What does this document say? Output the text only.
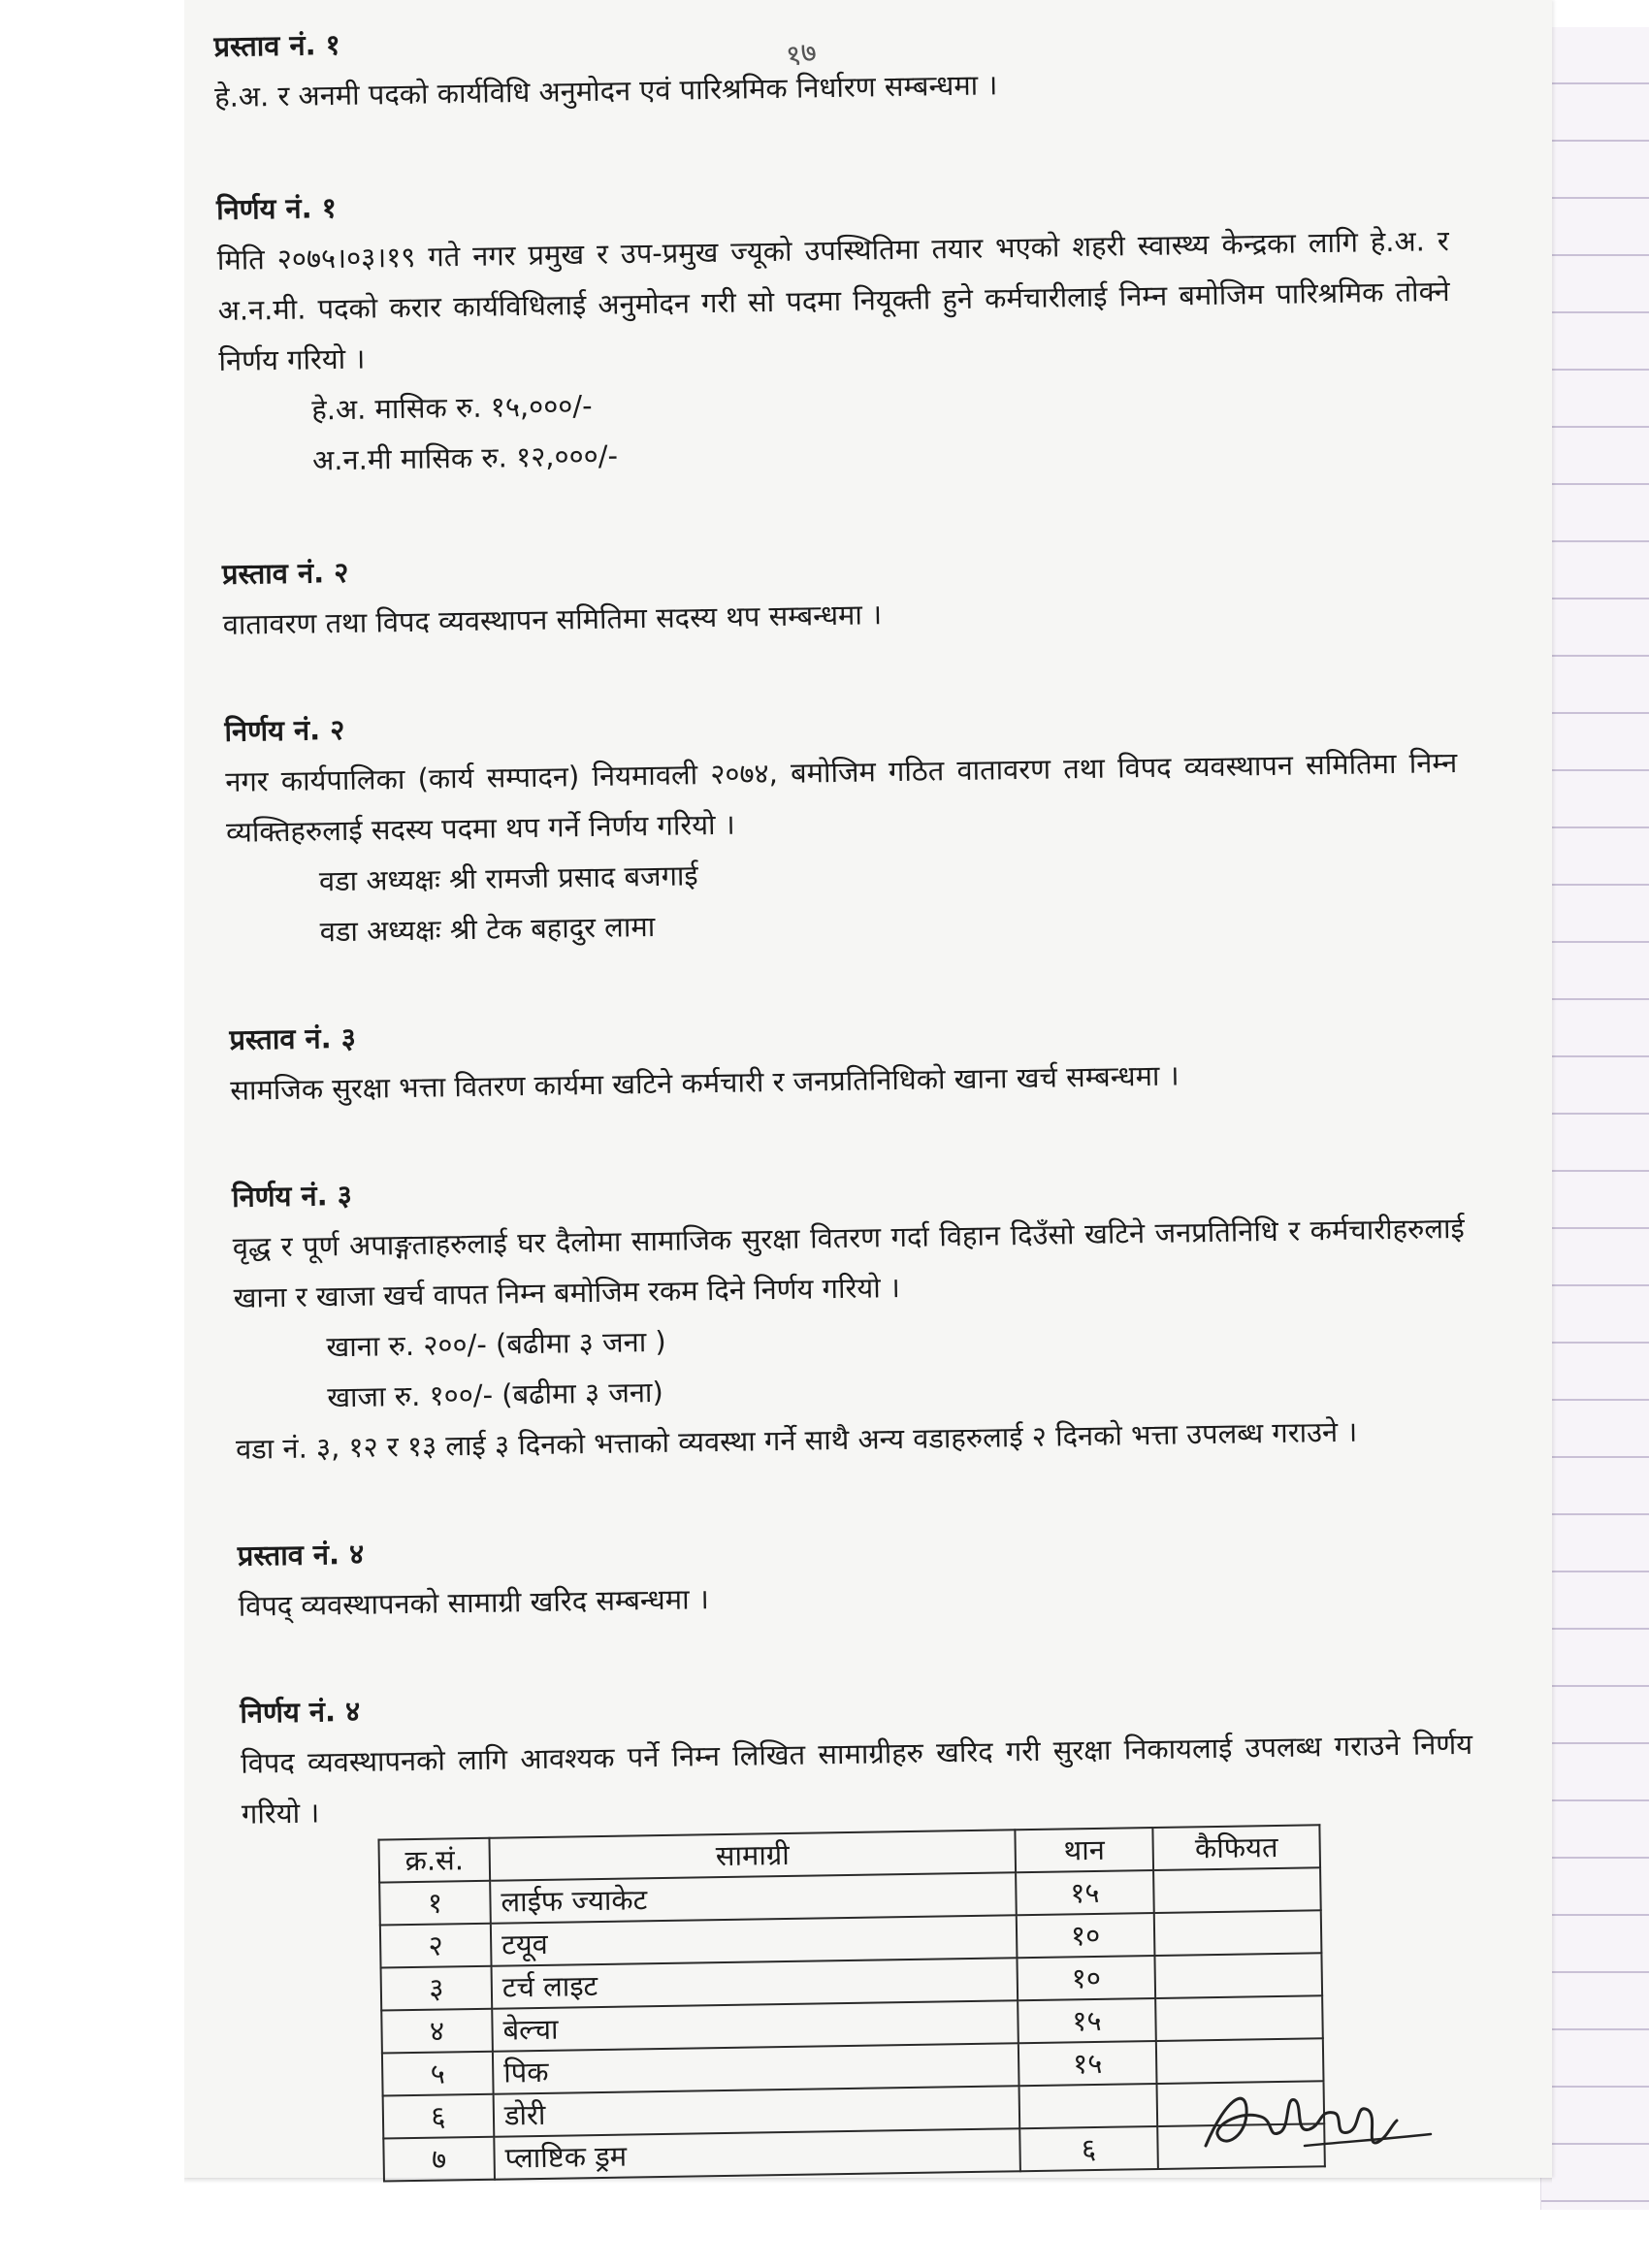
१७

प्रस्ताव नं. १

हे.अ. र अनमी पदको कार्यविधि अनुमोदन एवं पारिश्रमिक निर्धारण सम्बन्धमा ।

निर्णय नं. १

मिति २०७५।०३।१९ गते नगर प्रमुख र उप-प्रमुख ज्यूको उपस्थितिमा तयार भएको शहरी स्वास्थ्य केन्द्रका लागि हे.अ. र अ.न.मी. पदको करार कार्यविधिलाई अनुमोदन गरी सो पदमा नियूक्ती हुने कर्मचारीलाई निम्न बमोजिम पारिश्रमिक तोक्ने निर्णय गरियो ।

हे.अ. मासिक रु. १५,०००/-

अ.न.मी मासिक रु. १२,०००/-

प्रस्ताव नं. २

वातावरण तथा विपद व्यवस्थापन समितिमा सदस्य थप सम्बन्धमा ।

निर्णय नं. २

नगर कार्यपालिका (कार्य सम्पादन) नियमावली २०७४, बमोजिम गठित वातावरण तथा विपद व्यवस्थापन समितिमा निम्न व्यक्तिहरुलाई सदस्य पदमा थप गर्ने निर्णय गरियो ।

वडा अध्यक्षः श्री रामजी प्रसाद बजगाई

वडा अध्यक्षः श्री टेक बहादुर लामा

प्रस्ताव नं. ३

सामजिक सुरक्षा भत्ता वितरण कार्यमा खटिने कर्मचारी र जनप्रतिनिधिको खाना खर्च सम्बन्धमा ।

निर्णय नं. ३

वृद्ध र पूर्ण अपाङ्गताहरुलाई घर दैलोमा सामाजिक सुरक्षा वितरण गर्दा विहान दिउँसो खटिने जनप्रतिनिधि र कर्मचारीहरुलाई खाना र खाजा खर्च वापत निम्न बमोजिम रकम दिने निर्णय गरियो ।

खाना रु. २००/- (बढीमा ३ जना )

खाजा रु. १००/- (बढीमा ३ जना)

वडा नं. ३, १२ र १३ लाई ३ दिनको भत्ताको व्यवस्था गर्ने साथै अन्य वडाहरुलाई २ दिनको भत्ता उपलब्ध गराउने ।

प्रस्ताव नं. ४

विपद् व्यवस्थापनको सामाग्री खरिद सम्बन्धमा ।

निर्णय नं. ४

विपद व्यवस्थापनको लागि आवश्यक पर्ने निम्न लिखित सामाग्रीहरु खरिद गरी सुरक्षा निकायलाई उपलब्ध गराउने निर्णय गरियो ।

क्र.सं.	सामाग्री	थान	कैफियत
१	लाईफ ज्याकेट	१५	
२	टयूव	१०	
३	टर्च लाइट	१०	
४	बेल्चा	१५	
५	पिक	१५	
६	डोरी		
७	प्लाष्टिक ड्रम	६	
